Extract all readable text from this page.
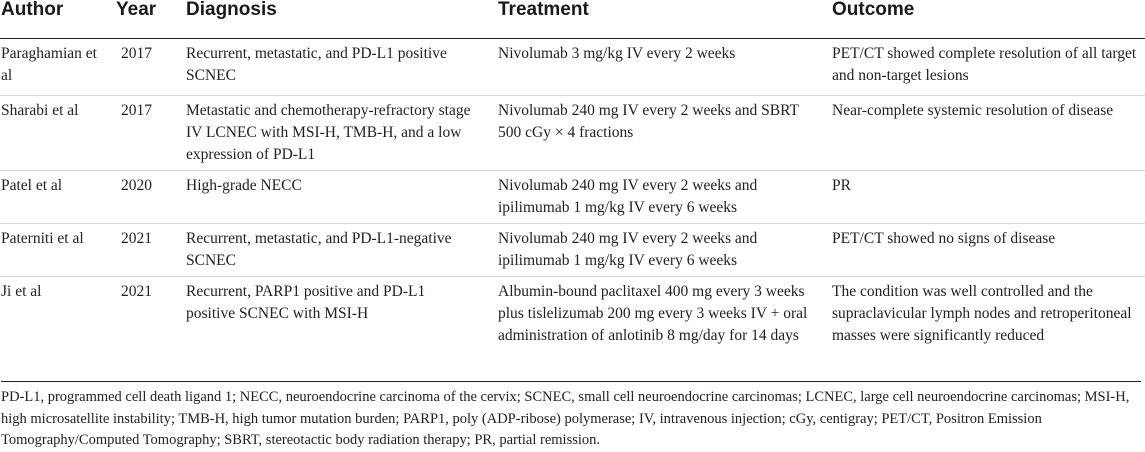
Author	Year	Diagnosis	Treatment	Outcome
Paraghamian et al	2017	Recurrent, metastatic, and PD-L1 positive SCNEC	Nivolumab 3 mg/kg IV every 2 weeks	PET/CT showed complete resolution of all target and non-target lesions
Sharabi et al	2017	Metastatic and chemotherapy-refractory stage IV LCNEC with MSI-H, TMB-H, and a low expression of PD-L1	Nivolumab 240 mg IV every 2 weeks and SBRT 500 cGy × 4 fractions	Near-complete systemic resolution of disease
Patel et al	2020	High-grade NECC	Nivolumab 240 mg IV every 2 weeks and ipilimumab 1 mg/kg IV every 6 weeks	PR
Paterniti et al	2021	Recurrent, metastatic, and PD-L1-negative SCNEC	Nivolumab 240 mg IV every 2 weeks and ipilimumab 1 mg/kg IV every 6 weeks	PET/CT showed no signs of disease
Ji et al	2021	Recurrent, PARP1 positive and PD-L1 positive SCNEC with MSI-H	Albumin-bound paclitaxel 400 mg every 3 weeks plus tislelizumab 200 mg every 3 weeks IV + oral administration of anlotinib 8 mg/day for 14 days	The condition was well controlled and the supraclavicular lymph nodes and retroperitoneal masses were significantly reduced
PD-L1, programmed cell death ligand 1; NECC, neuroendocrine carcinoma of the cervix; SCNEC, small cell neuroendocrine carcinomas; LCNEC, large cell neuroendocrine carcinomas; MSI-H, high microsatellite instability; TMB-H, high tumor mutation burden; PARP1, poly (ADP-ribose) polymerase; IV, intravenous injection; cGy, centigray; PET/CT, Positron Emission Tomography/Computed Tomography; SBRT, stereotactic body radiation therapy; PR, partial remission.
